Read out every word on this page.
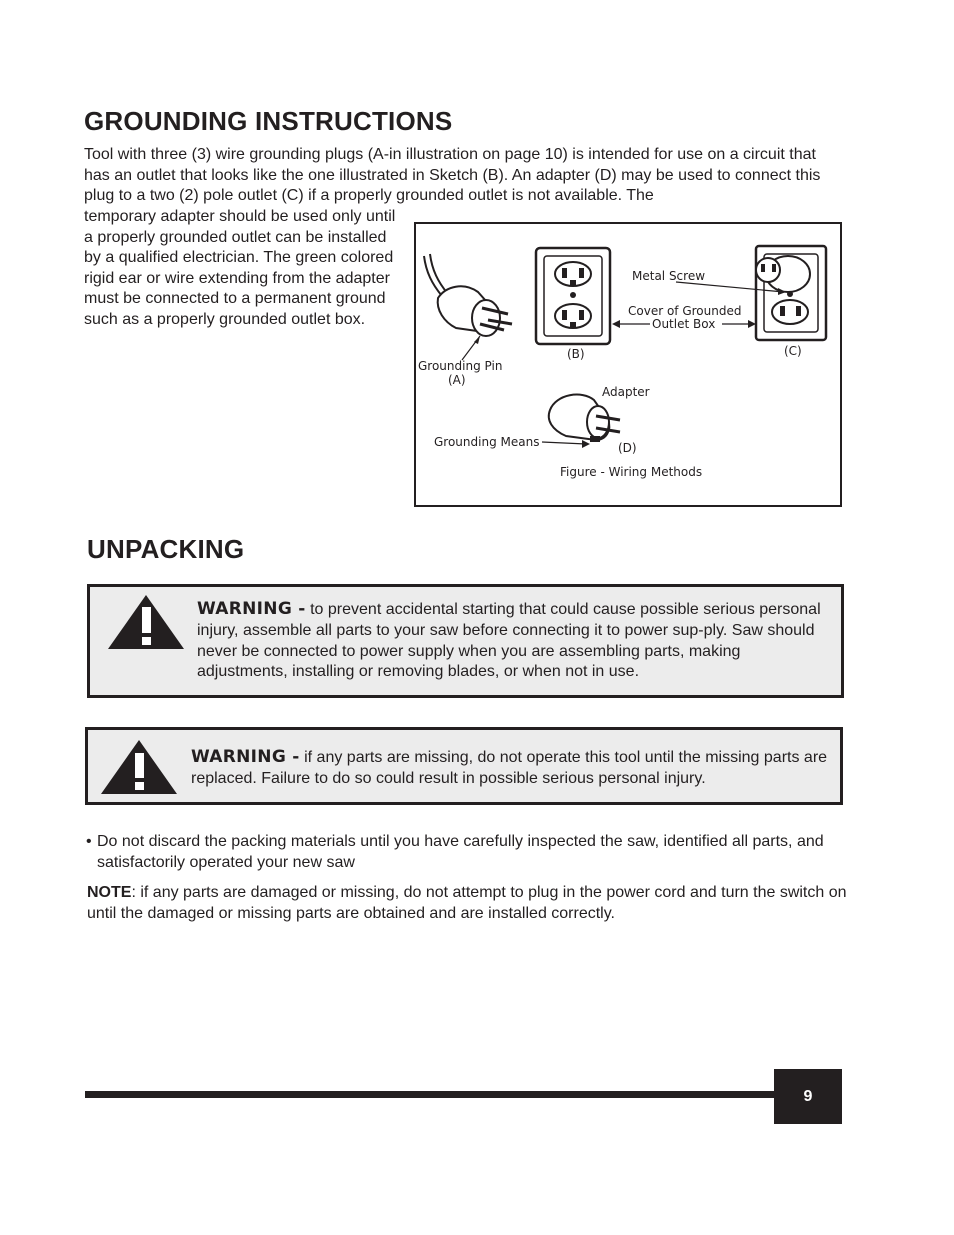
GROUNDING INSTRUCTIONS
Tool with three (3) wire grounding plugs (A-in illustration on page 10) is intended for use on a circuit that has an outlet that looks like the one illustrated in Sketch (B). An adapter (D) may be used to connect this plug to a two (2) pole outlet (C) if a properly grounded outlet is not available. The
temporary adapter should be used only until a properly grounded outlet can be installed by a qualified electrician. The green colored rigid ear or wire extending from the adapter must be connected to a permanent ground such as a properly grounded outlet box.
Grounding Pin
(A)
(B)	(C)
Metal Screw
Cover of Grounded
Outlet Box
Adapter
Grounding Means	(D)
Figure - Wiring Methods
UNPACKING
WARNING - to prevent accidental starting that could cause possible serious personal injury, assemble all parts to your saw before connecting it to power sup-ply. Saw should never be connected to power supply when you are assembling parts, making adjustments, installing or removing blades, or when not in use.
WARNING - if any parts are missing, do not operate this tool until the missing parts are replaced. Failure to do so could result in possible serious personal injury.
• Do not discard the packing materials until you have carefully inspected the saw, identified all parts, and satisfactorily operated your new saw
NOTE: if any parts are damaged or missing, do not attempt to plug in the power cord and turn the switch on until the damaged or missing parts are obtained and are installed correctly.
9
